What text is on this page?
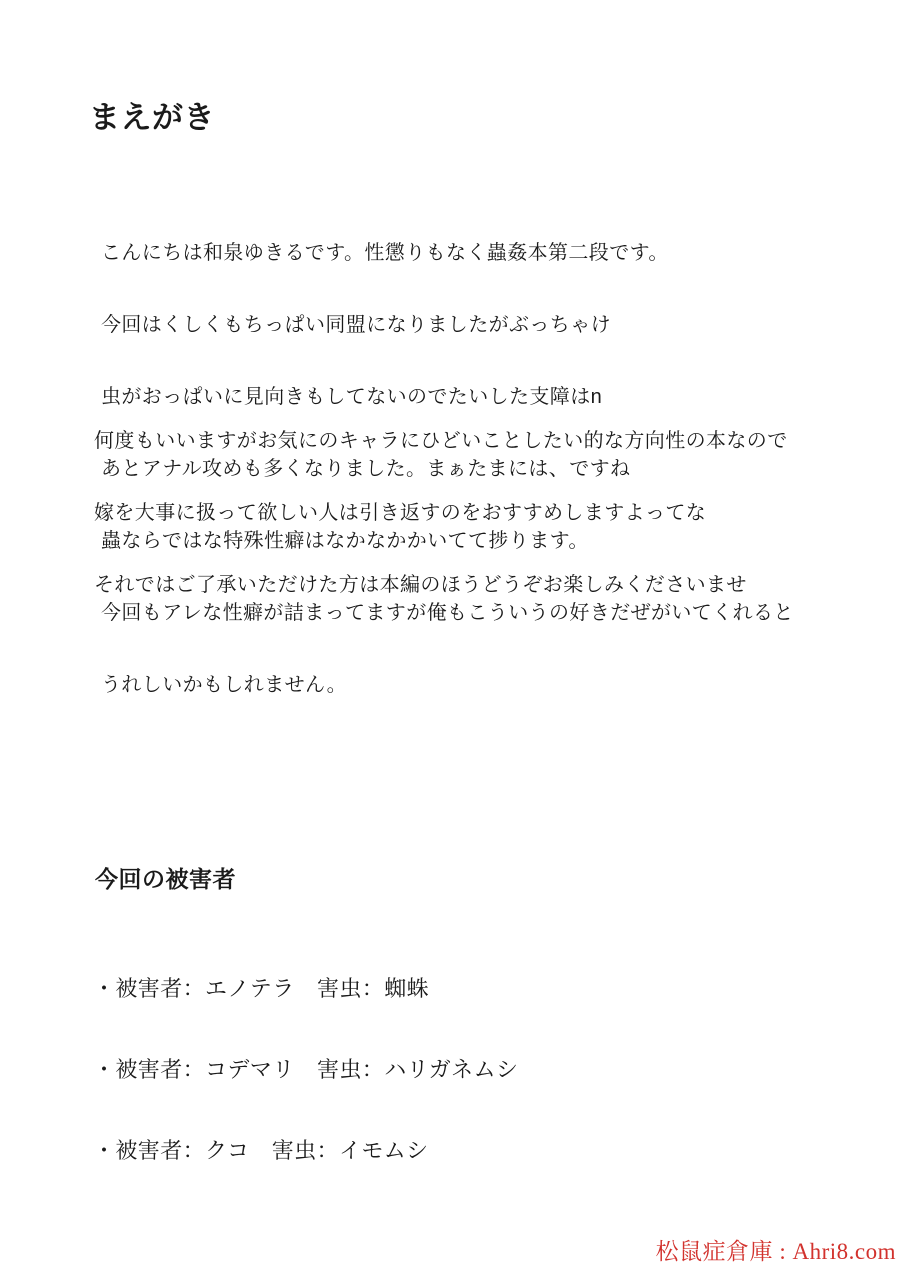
まえがき

こんにちは和泉ゆきるです。性懲りもなく蟲姦本第二段です。

今回はくしくもちっぱい同盟になりましたがぶっちゃけ

虫がおっぱいに見向きもしてないのでたいした支障はn

あとアナル攻めも多くなりました。まぁたまには、ですね

蟲ならではな特殊性癖はなかなかかいてて捗ります。

今回もアレな性癖が詰まってますが俺もこういうの好きだぜがいてくれると

うれしいかもしれません。

何度もいいますがお気にのキャラにひどいことしたい的な方向性の本なので

嫁を大事に扱って欲しい人は引き返すのをおすすめしますよってな

それではご了承いただけた方は本編のほうどうぞお楽しみくださいませ

今回の被害者

・被害者：エノテラ　害虫：蜘蛛

・被害者：コデマリ　害虫：ハリガネムシ

・被害者：クコ　害虫：イモムシ

松鼠症倉庫 : Ahri8.com
